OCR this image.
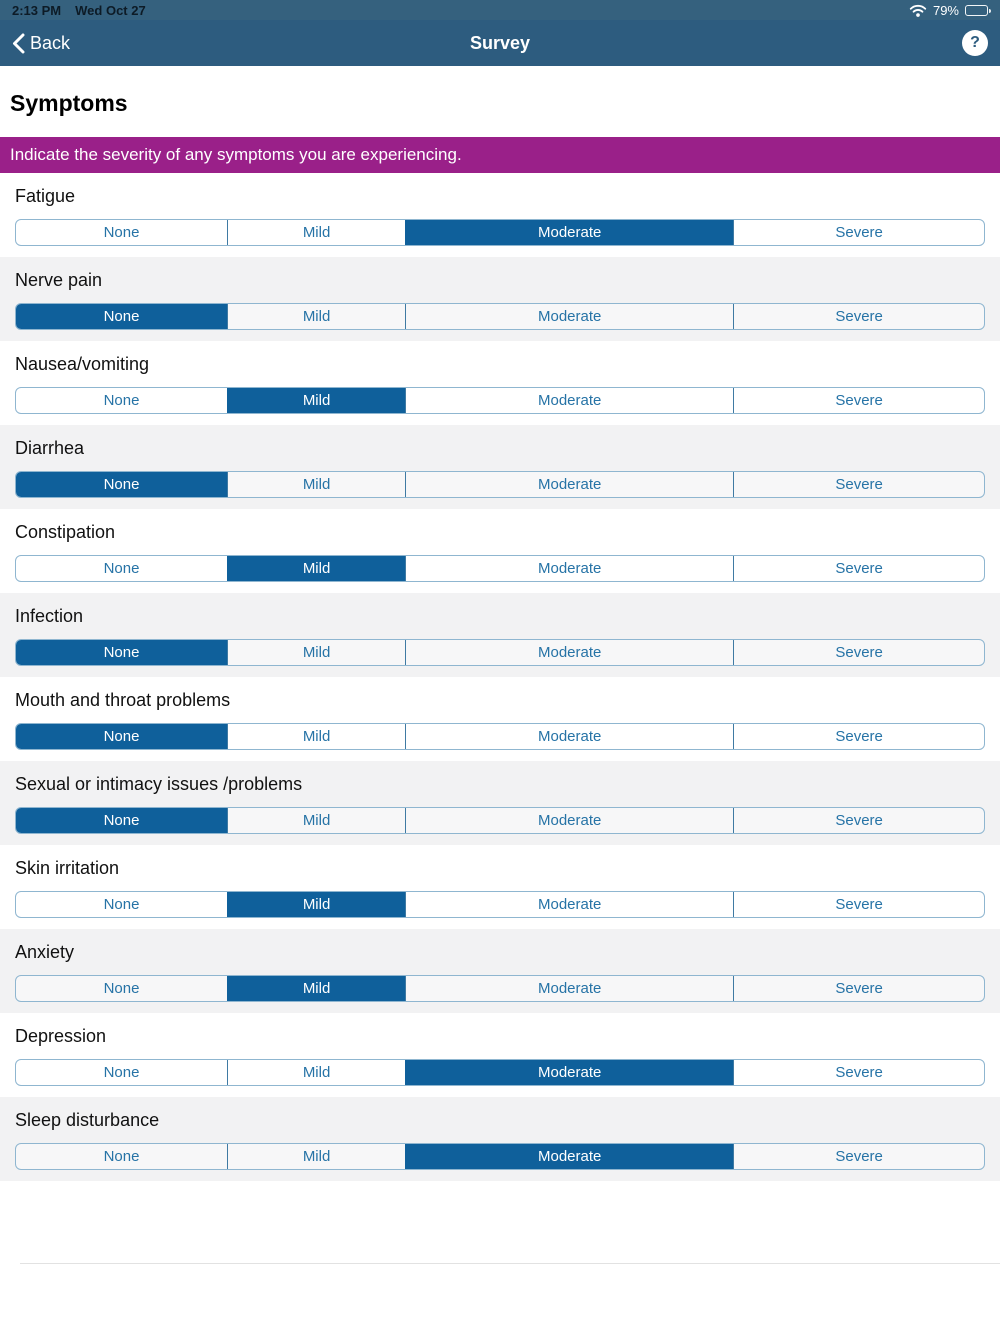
2:13 PM Wed Oct 27	79%
Back	Survey	?
Symptoms
Indicate the severity of any symptoms you are experiencing.
Fatigue
None	Mild	Moderate	Severe
Nerve pain
None	Mild	Moderate	Severe
Nausea/vomiting
None	Mild	Moderate	Severe
Diarrhea
None	Mild	Moderate	Severe
Constipation
None	Mild	Moderate	Severe
Infection
None	Mild	Moderate	Severe
Mouth and throat problems
None	Mild	Moderate	Severe
Sexual or intimacy issues /problems
None	Mild	Moderate	Severe
Skin irritation
None	Mild	Moderate	Severe
Anxiety
None	Mild	Moderate	Severe
Depression
None	Mild	Moderate	Severe
Sleep disturbance
None	Mild	Moderate	Severe
